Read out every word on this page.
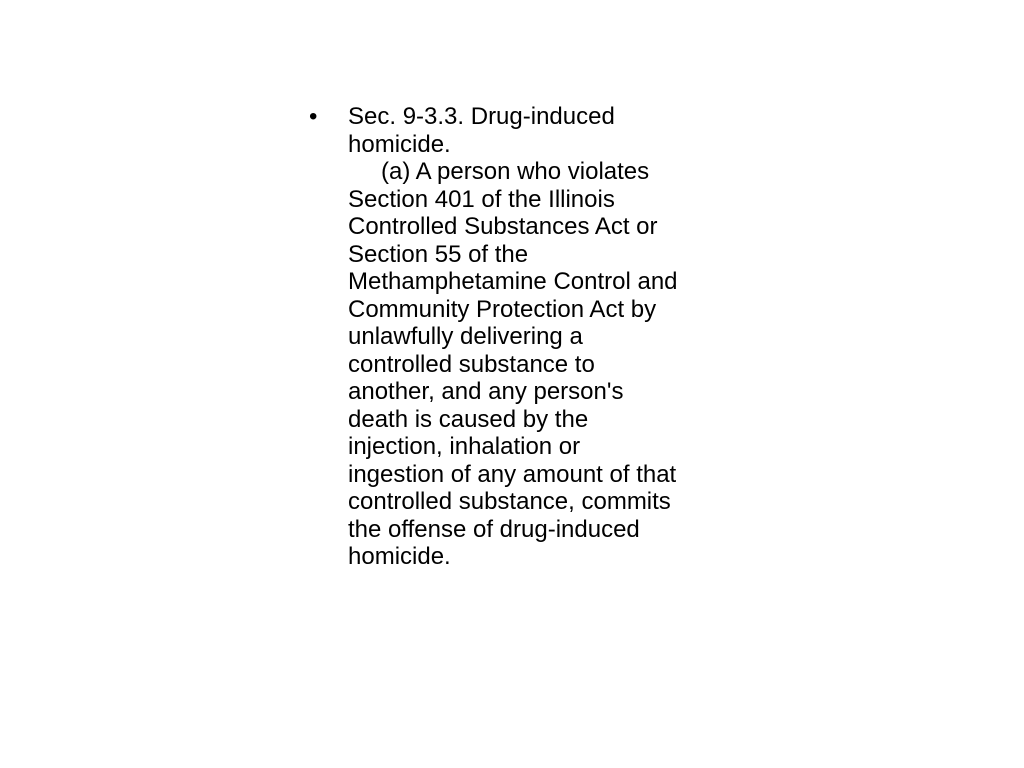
•	Sec. 9-3.3. Drug-induced
homicide.
(a) A person who violates
Section 401 of the Illinois
Controlled Substances Act or
Section 55 of the
Methamphetamine Control and
Community Protection Act by
unlawfully delivering a
controlled substance to
another, and any person's
death is caused by the
injection, inhalation or
ingestion of any amount of that
controlled substance, commits
the offense of drug-induced
homicide.
